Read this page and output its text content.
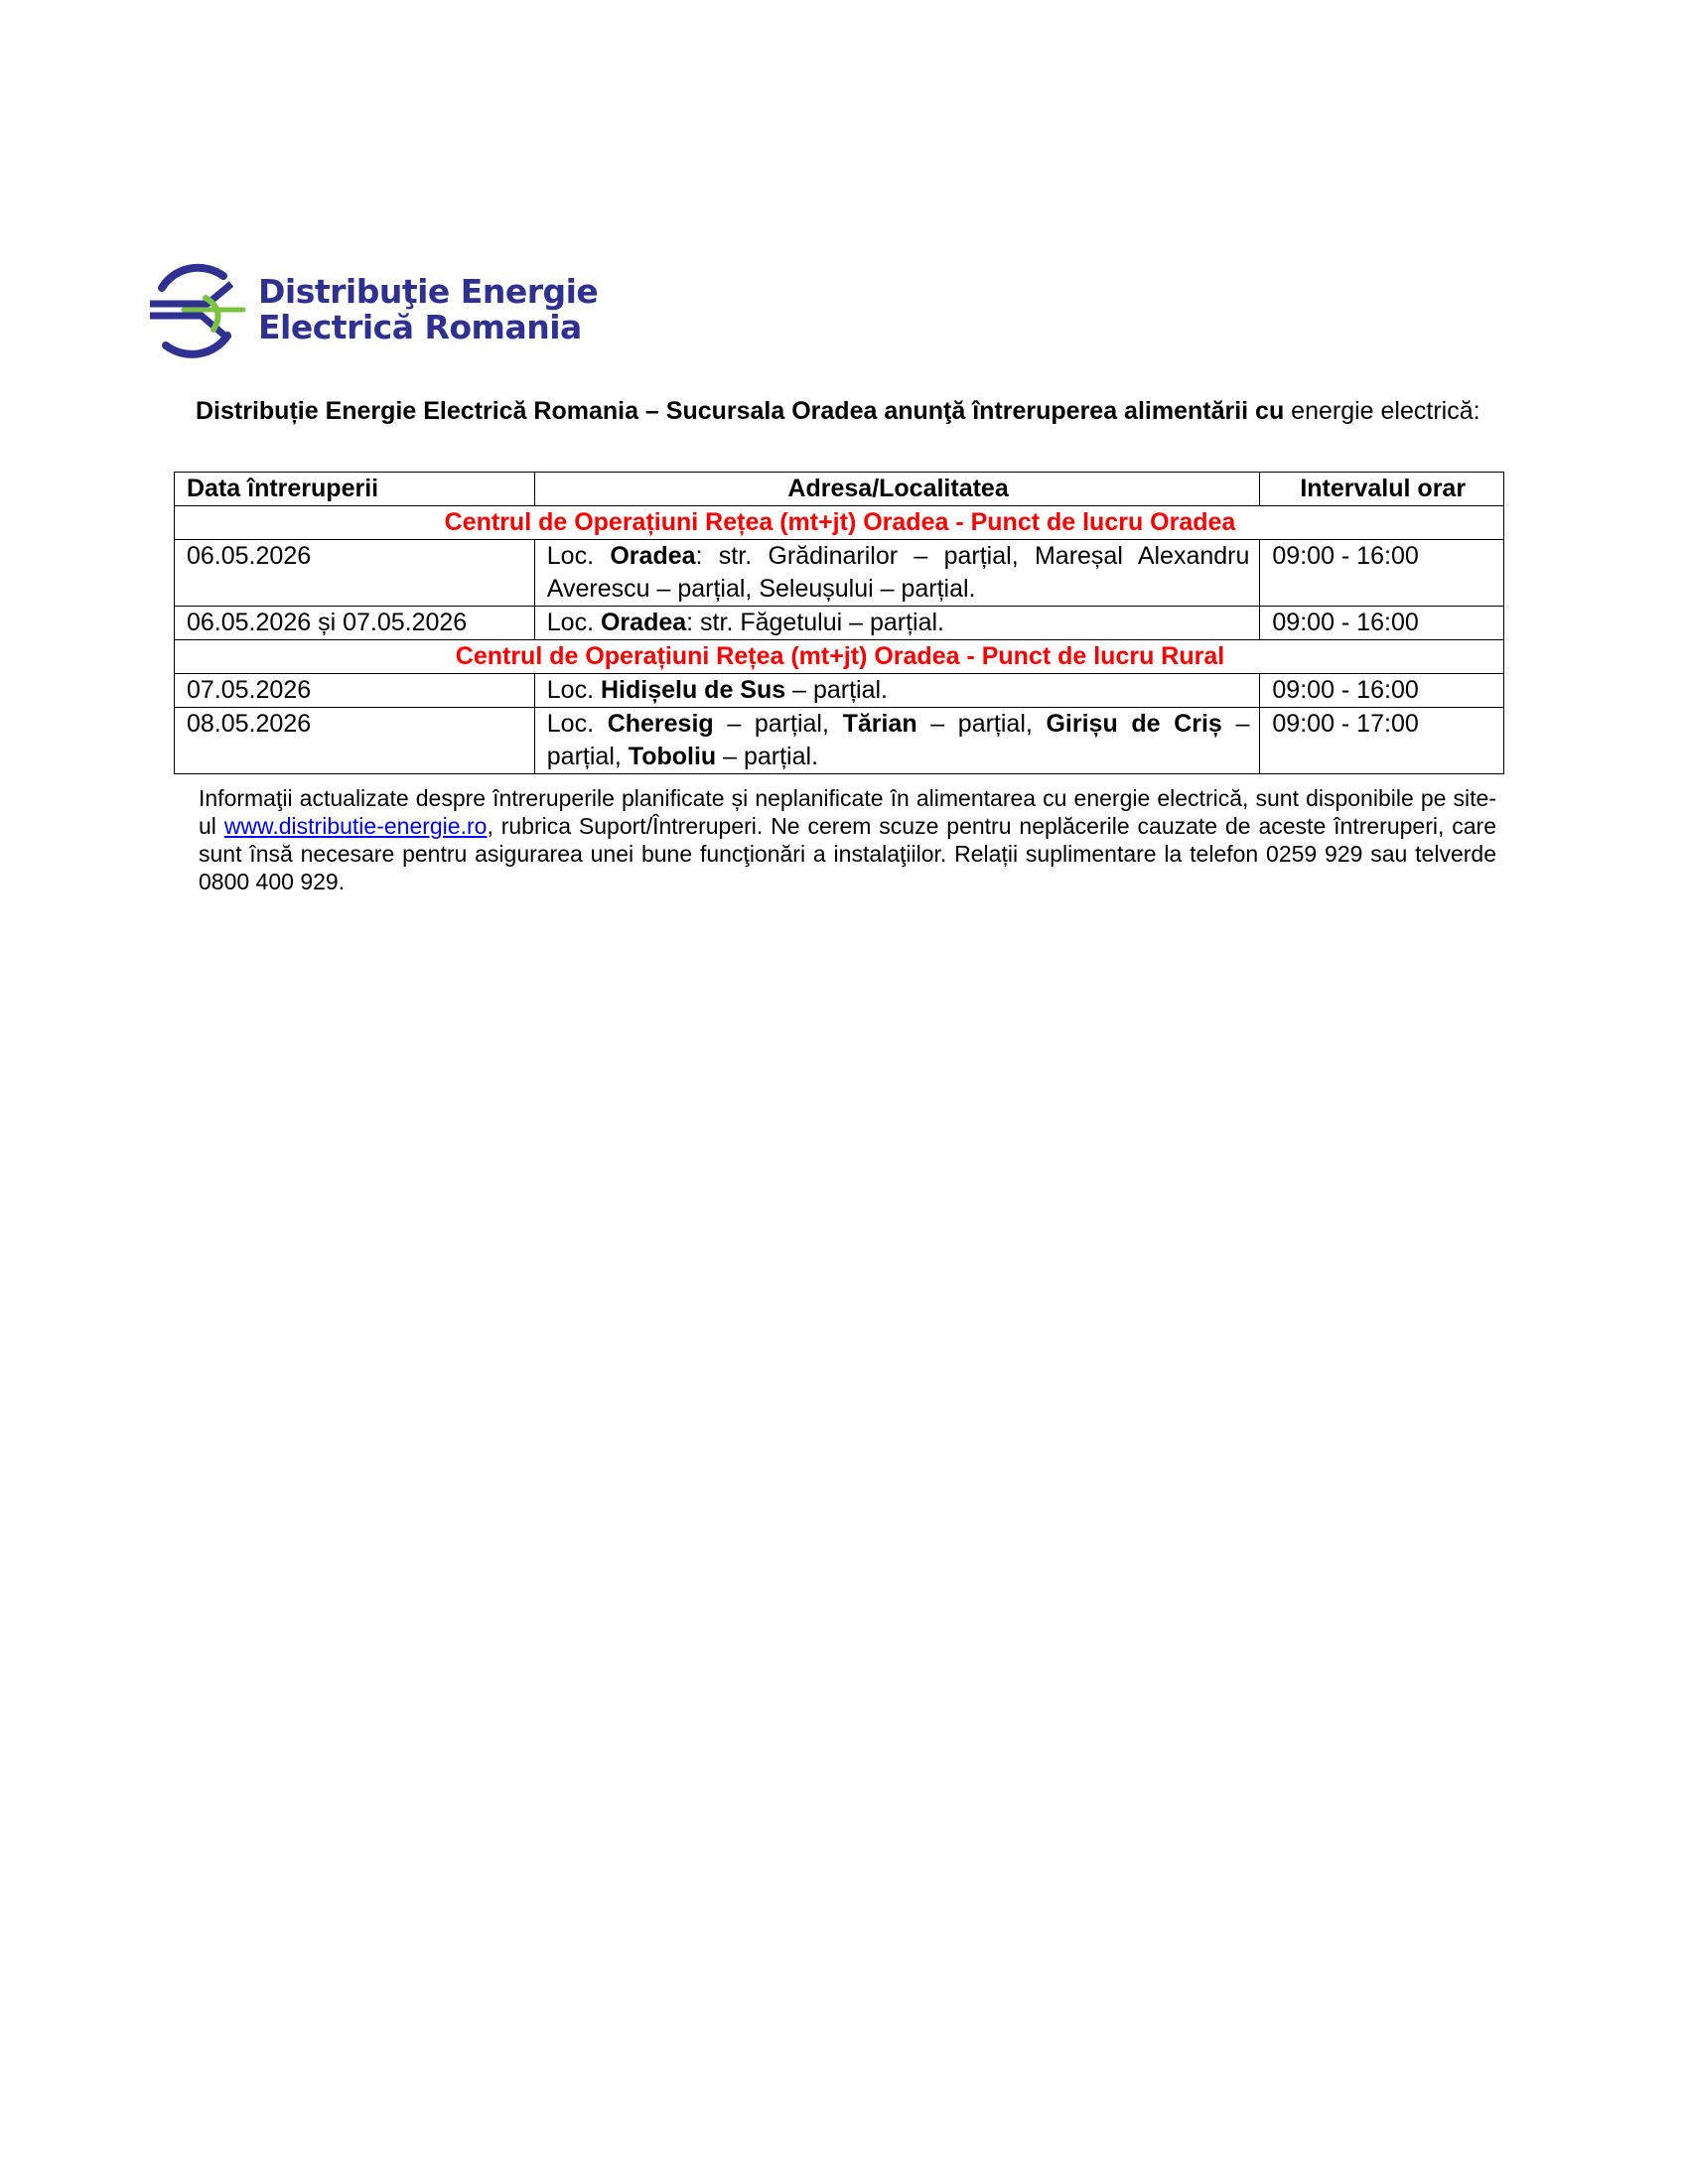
Distribuţie Energie
Electrică Romania
Distribuție Energie Electrică Romania – Sucursala Oradea anunţă întreruperea alimentării cu energie electrică:
Data întreruperii	Adresa/Localitatea	Intervalul orar
Centrul de Operațiuni Rețea (mt+jt) Oradea - Punct de lucru Oradea		
06.05.2026	Loc. Oradea: str. Grădinarilor – parțial, Mareșal Alexandru Averescu – parțial, Seleușului – parțial.	09:00 - 16:00
06.05.2026 și 07.05.2026	Loc. Oradea: str. Făgetului – parțial.	09:00 - 16:00
Centrul de Operațiuni Rețea (mt+jt) Oradea - Punct de lucru Rural		
07.05.2026	Loc. Hidișelu de Sus – parțial.	09:00 - 16:00
08.05.2026	Loc. Cheresig – parțial, Tărian – parțial, Girișu de Criș – parțial, Toboliu – parțial.	09:00 - 17:00
Informaţii actualizate despre întreruperile planificate și neplanificate în alimentarea cu energie electrică, sunt disponibile pe site-ul www.distributie-energie.ro, rubrica Suport/Întreruperi. Ne cerem scuze pentru neplăcerile cauzate de aceste întreruperi, care sunt însă necesare pentru asigurarea unei bune funcţionări a instalaţiilor. Relații suplimentare la telefon 0259 929 sau telverde 0800 400 929.
